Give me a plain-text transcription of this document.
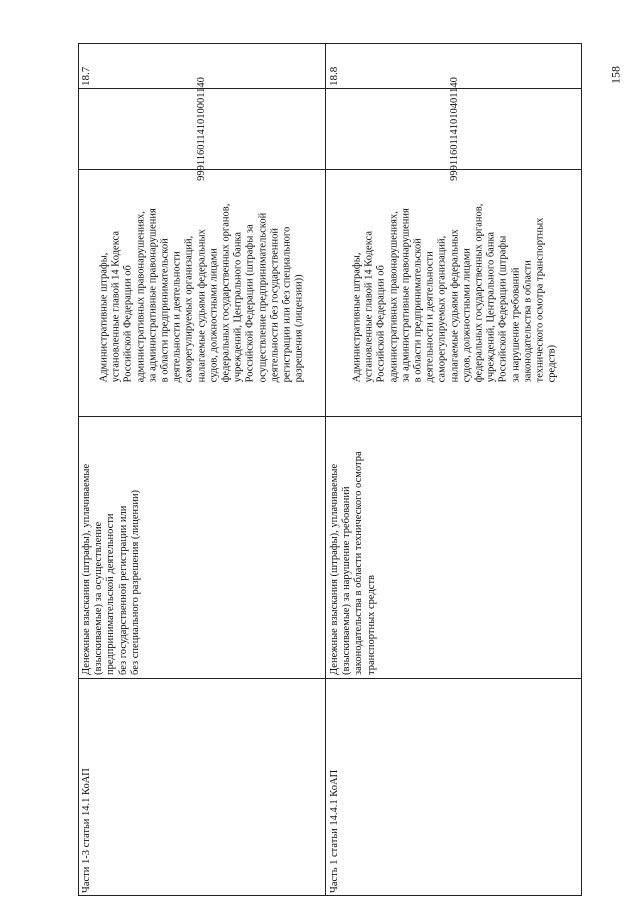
158
99911601141010001140
Административные штрафы,
установленные главой 14 Кодекса
Российской Федерации об
административных правонарушениях,
за административные правонарушения
в области предпринимательской
деятельности и деятельности
саморегулируемых организаций,
налагаемые судьями федеральных
судов, должностными лицами
федеральных государственных органов,
учреждений, Центрального банка
Российской Федерации (штрафы за
осуществление предпринимательской
деятельности без государственной
регистрации или без специального
разрешения (лицензии))
99911601141010401140
Административные штрафы,
установленные главой 14 Кодекса
Российской Федерации об
административных правонарушениях,
за административные правонарушения
в области предпринимательской
деятельности и деятельности
саморегулируемых организаций,
налагаемые судьями федеральных
судов, должностными лицами
федеральных государственных органов,
учреждений, Центрального банка
Российской Федерации (штрафы
за нарушение требований
законодательства в области
технического осмотра транспортных
средств)
18.7	18.8
Денежные взыскания (штрафы), уплачиваемые
(взыскиваемые) за осуществление
предпринимательской деятельности
без государственной регистрации или
без специального разрешения (лицензии)
Денежные взыскания (штрафы), уплачиваемые
(взыскиваемые) за нарушение требований
законодательства в области технического осмотра
транспортных средств
Части 1-3 статьи 14.1 КоАП	Часть 1 статьи 14.4.1 КоАП
